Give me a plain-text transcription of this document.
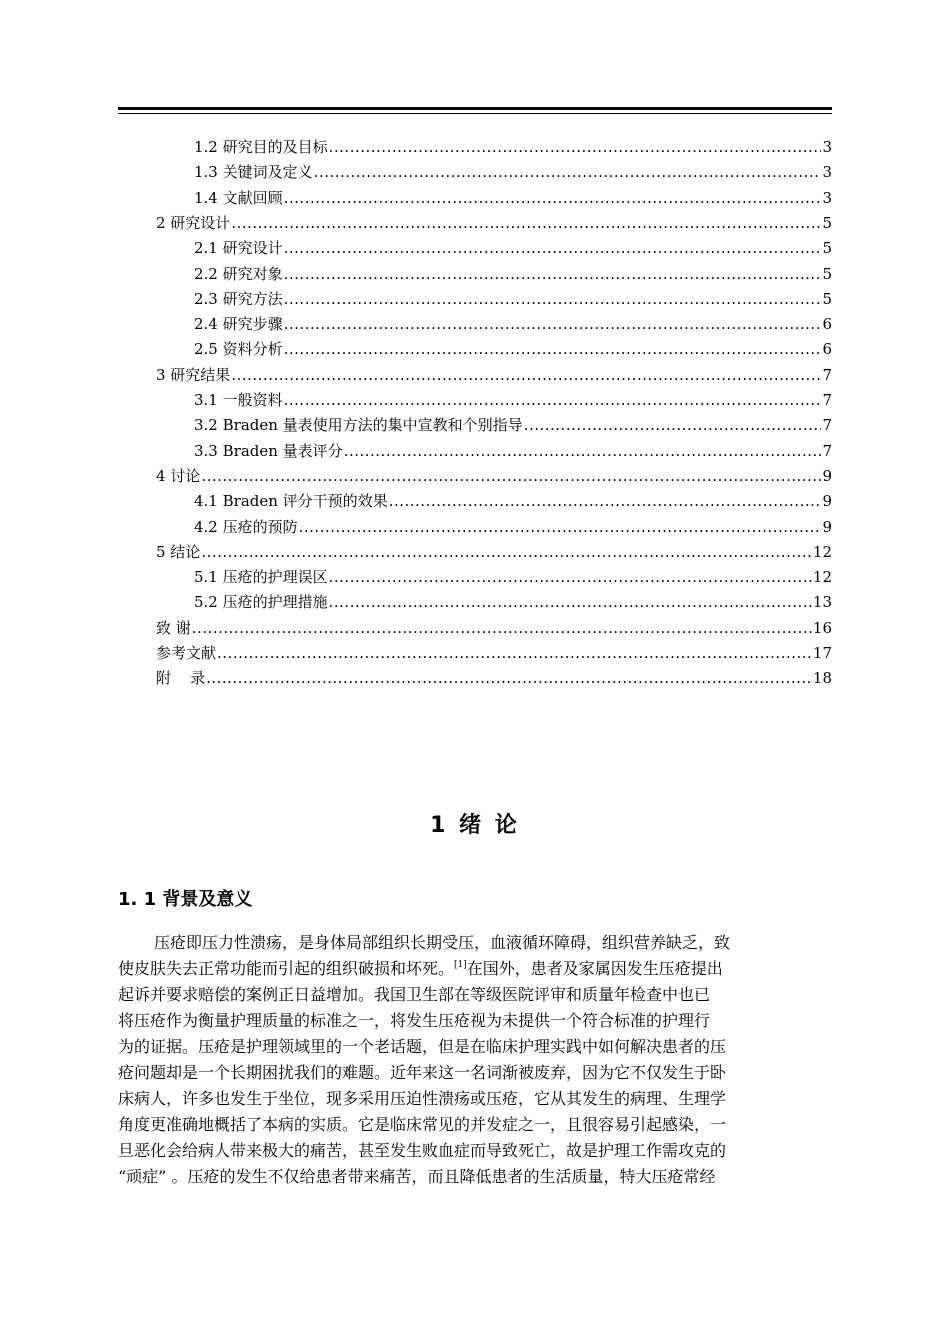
1.2 研究目的及目标 .....	3
1.3 关键词及定义 .....	3
1.4 文献回顾 .....	3
2 研究设计 .....	5
2.1 研究设计 .....	5
2.2 研究对象 .....	5
2.3 研究方法 .....	5
2.4 研究步骤 .....	6
2.5 资料分析 .....	6
3 研究结果 .....	7
3.1 一般资料 .....	7
3.2 Braden 量表使用方法的集中宣教和个别指导 .....	7
3.3 Braden 量表评分 .....	7
4 讨论 .....	9
4.1 Braden 评分干预的效果 .....	9
4.2 压疮的预防 .....	9
5 结论 .....	12
5.1 压疮的护理误区 .....	12
5.2 压疮的护理措施 .....	13
致 谢 .....	16
参考文献 .....	17
附    录 .....	18
1 绪 论
1. 1 背景及意义
压疮即压力性溃疡，是身体局部组织长期受压，血液循环障碍，组织营养缺乏，致
使皮肤失去正常功能而引起的组织破损和坏死。[1]在国外，患者及家属因发生压疮提出
起诉并要求赔偿的案例正日益增加。我国卫生部在等级医院评审和质量年检查中也已
将压疮作为衡量护理质量的标准之一，将发生压疮视为未提供一个符合标准的护理行
为的证据。压疮是护理领域里的一个老话题，但是在临床护理实践中如何解决患者的压
疮问题却是一个长期困扰我们的难题。近年来这一名词渐被废弃，因为它不仅发生于卧
床病人，许多也发生于坐位，现多采用压迫性溃疡或压疮，它从其发生的病理、生理学
角度更准确地概括了本病的实质。它是临床常见的并发症之一，且很容易引起感染，一
旦恶化会给病人带来极大的痛苦，甚至发生败血症而导致死亡，故是护理工作需攻克的
“顽症” 。压疮的发生不仅给患者带来痛苦，而且降低患者的生活质量，特大压疮常经
